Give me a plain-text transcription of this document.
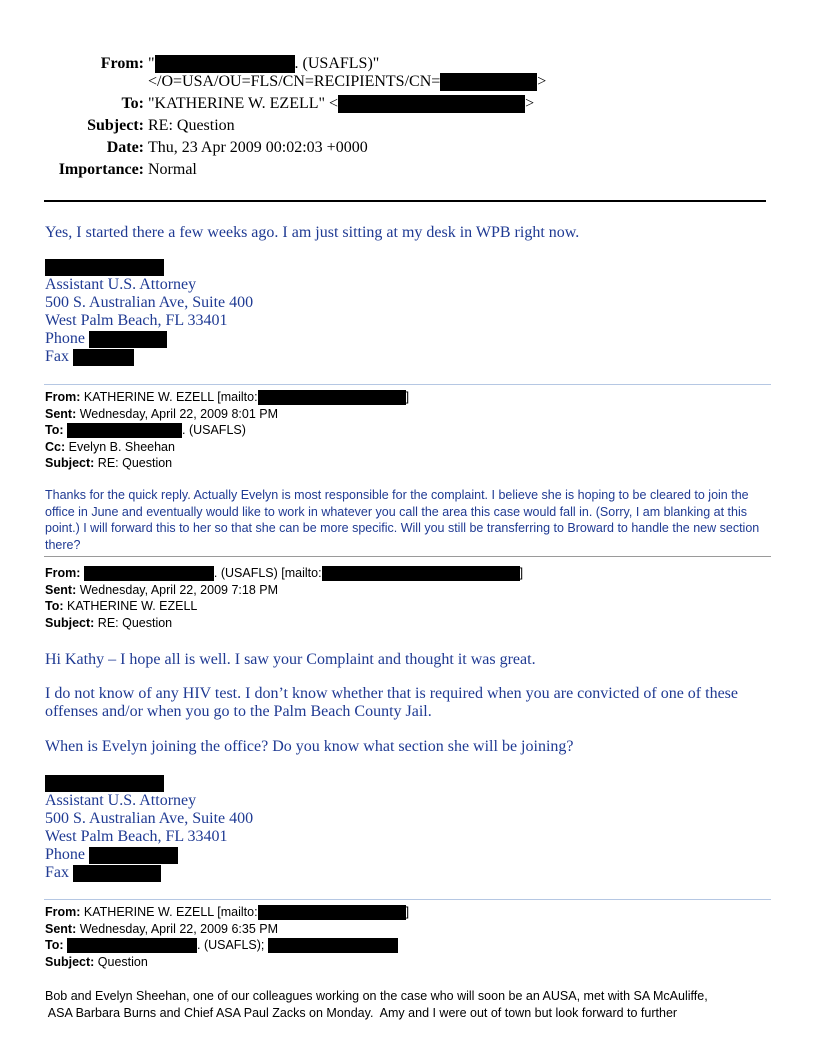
From: "	. (USAFLS)"
</O=USA/OU=FLS/CN=RECIPIENTS/CN=	>
To: "KATHERINE W. EZELL" <	>
Subject: RE: Question
Date: Thu, 23 Apr 2009 00:02:03 +0000
Importance: Normal
Yes, I started there a few weeks ago. I am just sitting at my desk in WPB right now.
Assistant U.S. Attorney
500 S. Australian Ave, Suite 400
West Palm Beach, FL 33401
Phone
Fax
From: KATHERINE W. EZELL [mailto:	]
Sent: Wednesday, April 22, 2009 8:01 PM
To:	. (USAFLS)
Cc: Evelyn B. Sheehan
Subject: RE: Question
Thanks for the quick reply. Actually Evelyn is most responsible for the complaint. I believe she is hoping to be cleared to join the office in June and eventually would like to work in whatever you call the area this case would fall in. (Sorry, I am blanking at this point.) I will forward this to her so that she can be more specific. Will you still be transferring to Broward to handle the new section there?
From:	. (USAFLS) [mailto:	]
Sent: Wednesday, April 22, 2009 7:18 PM
To: KATHERINE W. EZELL
Subject: RE: Question
Hi Kathy – I hope all is well. I saw your Complaint and thought it was great.
I do not know of any HIV test. I don’t know whether that is required when you are convicted of one of these
offenses and/or when you go to the Palm Beach County Jail.
When is Evelyn joining the office? Do you know what section she will be joining?
Assistant U.S. Attorney
500 S. Australian Ave, Suite 400
West Palm Beach, FL 33401
Phone
Fax
From: KATHERINE W. EZELL [mailto:	]
Sent: Wednesday, April 22, 2009 6:35 PM
To:	. (USAFLS);
Subject: Question
Bob and Evelyn Sheehan, one of our colleagues working on the case who will soon be an AUSA, met with SA McAuliffe,
ASA Barbara Burns and Chief ASA Paul Zacks on Monday.  Amy and I were out of town but look forward to further
